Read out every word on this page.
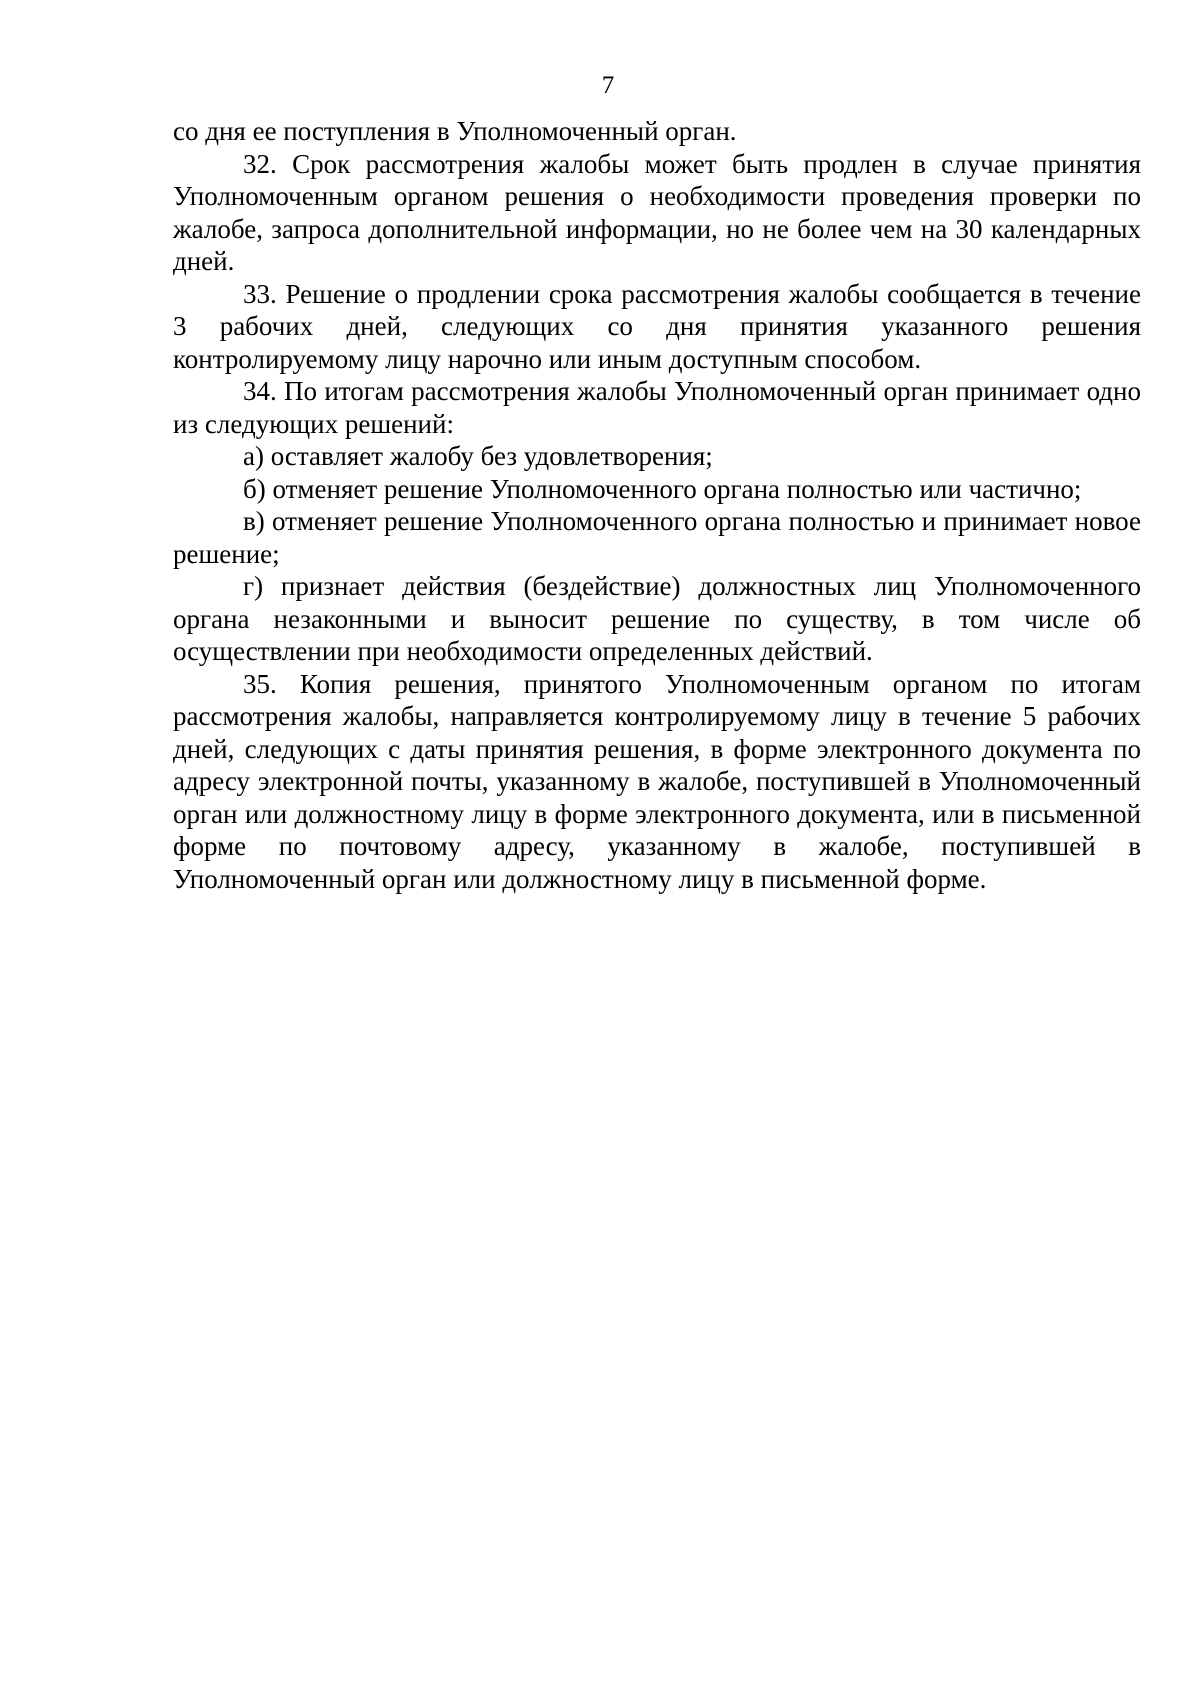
7

со дня ее поступления в Уполномоченный орган.

32. Срок рассмотрения жалобы может быть продлен в случае принятия Уполномоченным органом решения о необходимости проведения проверки по жалобе, запроса дополнительной информации, но не более чем на 30 календарных дней.

33. Решение о продлении срока рассмотрения жалобы сообщается в течение 3 рабочих дней, следующих со дня принятия указанного решения контролируемому лицу нарочно или иным доступным способом.

34. По итогам рассмотрения жалобы Уполномоченный орган принимает одно из следующих решений:

а) оставляет жалобу без удовлетворения;

б) отменяет решение Уполномоченного органа полностью или частично;

в) отменяет решение Уполномоченного органа полностью и принимает новое решение;

г) признает действия (бездействие) должностных лиц Уполномоченного органа незаконными и выносит решение по существу, в том числе об осуществлении при необходимости определенных действий.

35. Копия решения, принятого Уполномоченным органом по итогам рассмотрения жалобы, направляется контролируемому лицу в течение 5 рабочих дней, следующих с даты принятия решения, в форме электронного документа по адресу электронной почты, указанному в жалобе, поступившей в Уполномоченный орган или должностному лицу в форме электронного документа, или в письменной форме по почтовому адресу, указанному в жалобе, поступившей в Уполномоченный орган или должностному лицу в письменной форме.
